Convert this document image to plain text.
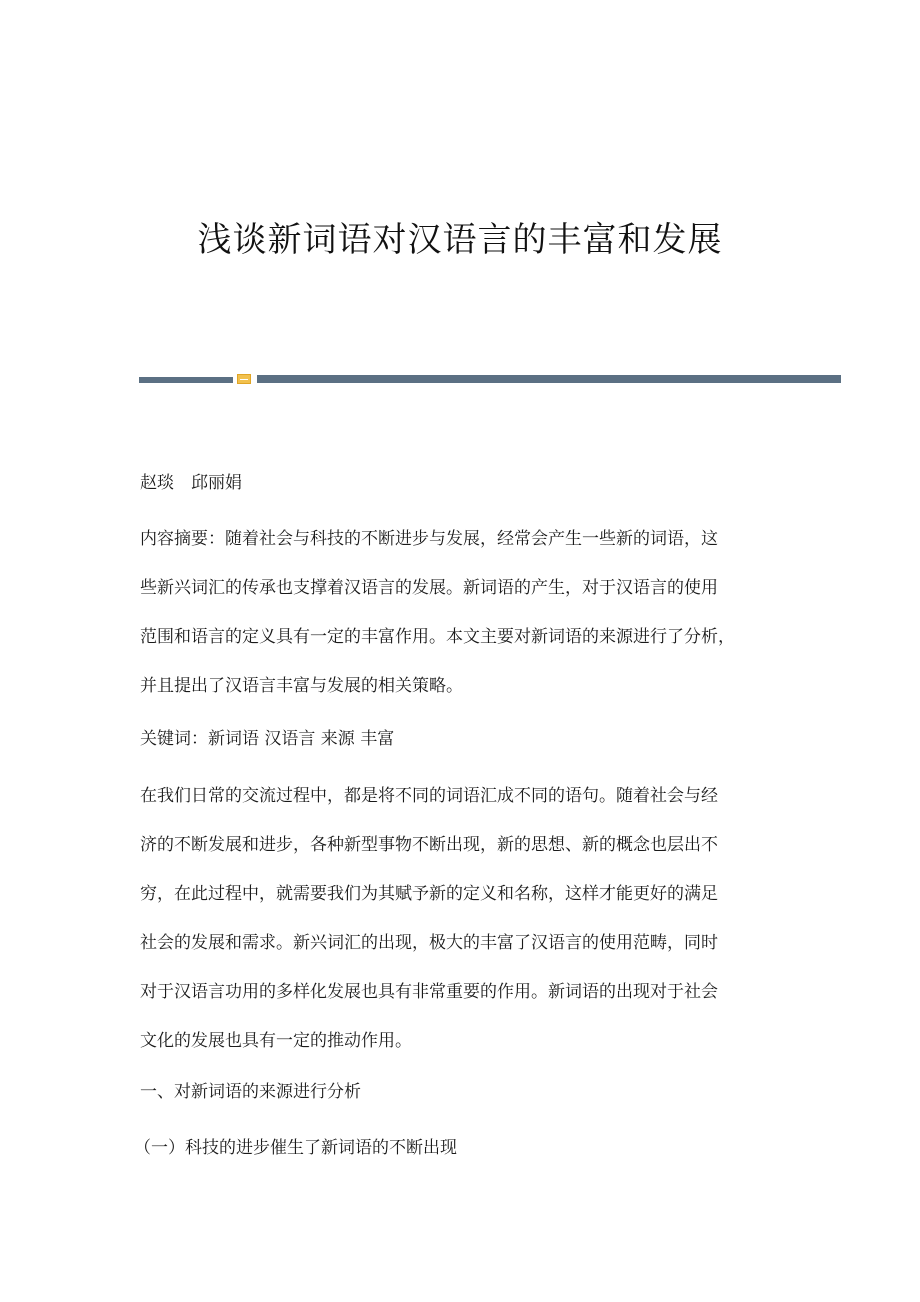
浅谈新词语对汉语言的丰富和发展

赵琰　邱丽娟

内容摘要：随着社会与科技的不断进步与发展，经常会产生一些新的词语，这
些新兴词汇的传承也支撑着汉语言的发展。新词语的产生，对于汉语言的使用
范围和语言的定义具有一定的丰富作用。本文主要对新词语的来源进行了分析，
并且提出了汉语言丰富与发展的相关策略。

关键词：新词语 汉语言 来源 丰富

在我们日常的交流过程中，都是将不同的词语汇成不同的语句。随着社会与经
济的不断发展和进步，各种新型事物不断出现，新的思想、新的概念也层出不
穷，在此过程中，就需要我们为其赋予新的定义和名称，这样才能更好的满足
社会的发展和需求。新兴词汇的出现，极大的丰富了汉语言的使用范畴，同时
对于汉语言功用的多样化发展也具有非常重要的作用。新词语的出现对于社会
文化的发展也具有一定的推动作用。

一、对新词语的来源进行分析

（一）科技的进步催生了新词语的不断出现
